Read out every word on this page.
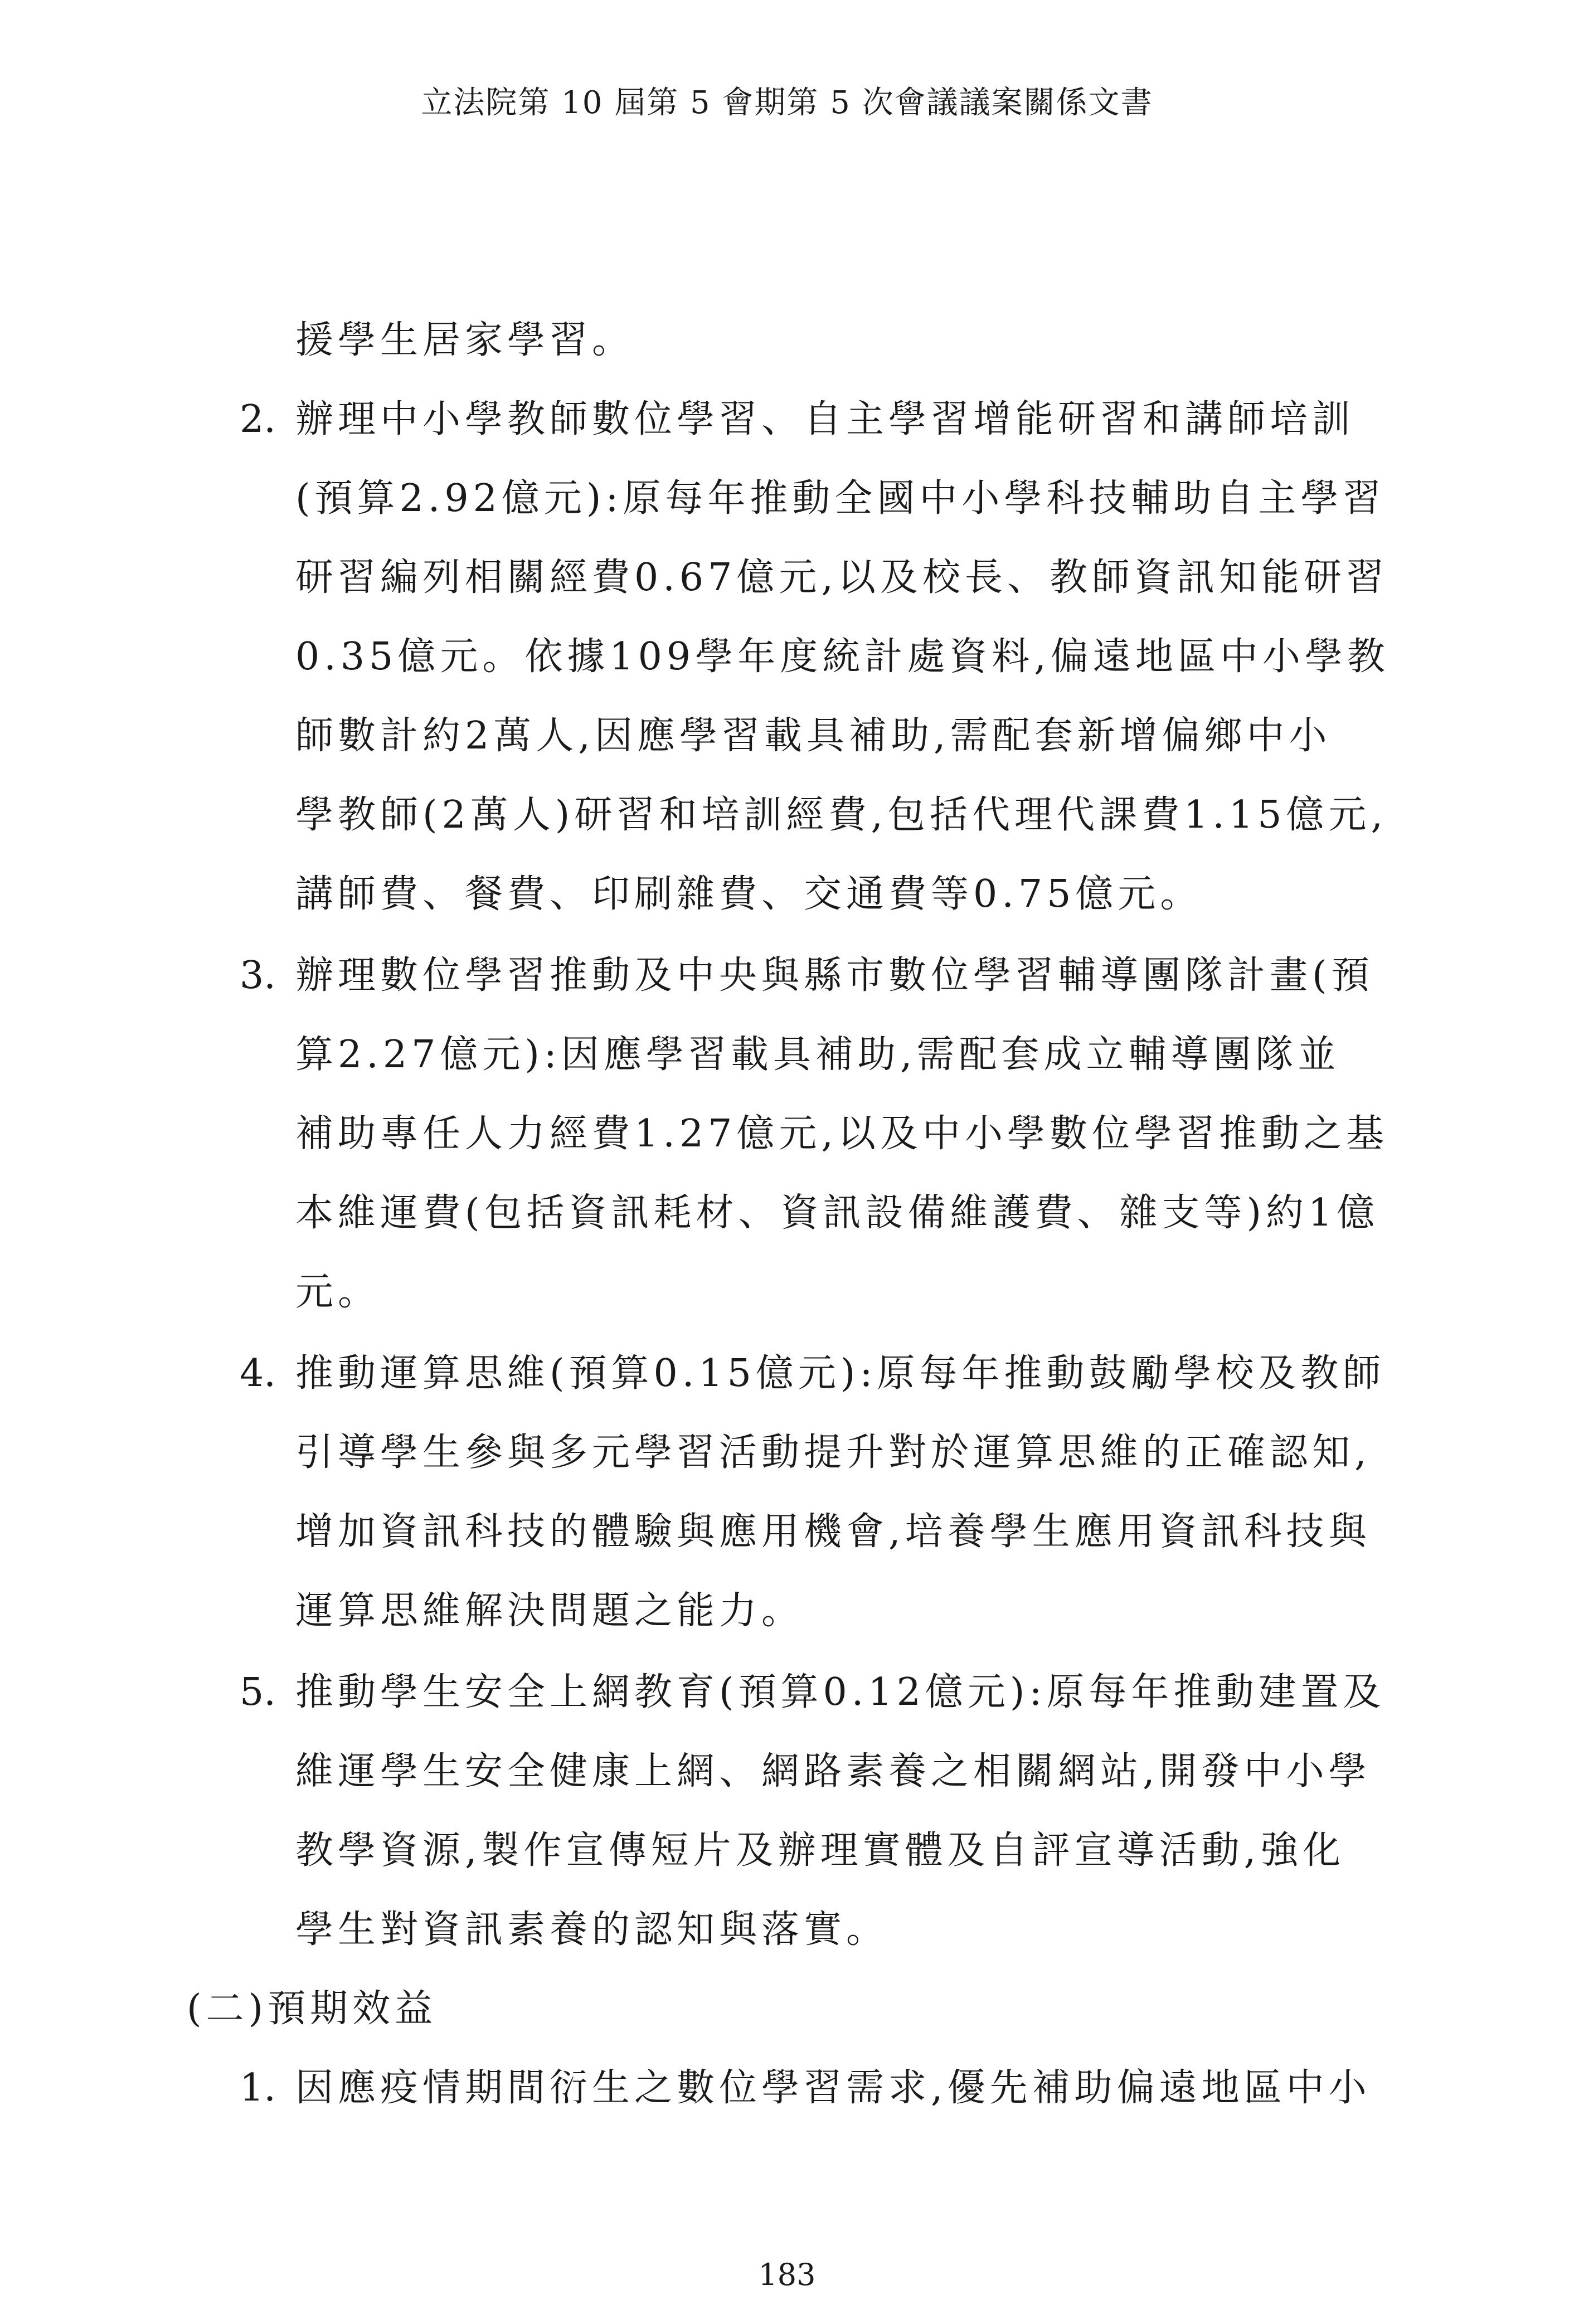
立法院第 10 屆第 5 會期第 5 次會議議案關係文書
援學生居家學習。
2. 辦理中小學教師數位學習、自主學習增能研習和講師培訓
(預算2.92億元):原每年推動全國中小學科技輔助自主學習
研習編列相關經費0.67億元,以及校長、教師資訊知能研習
0.35億元。依據109學年度統計處資料,偏遠地區中小學教
師數計約2萬人,因應學習載具補助,需配套新增偏鄉中小
學教師(2萬人)研習和培訓經費,包括代理代課費1.15億元,
講師費、餐費、印刷雜費、交通費等0.75億元。
3. 辦理數位學習推動及中央與縣市數位學習輔導團隊計畫(預
算2.27億元):因應學習載具補助,需配套成立輔導團隊並
補助專任人力經費1.27億元,以及中小學數位學習推動之基
本維運費(包括資訊耗材、資訊設備維護費、雜支等)約1億
元。
4. 推動運算思維(預算0.15億元):原每年推動鼓勵學校及教師
引導學生參與多元學習活動提升對於運算思維的正確認知,
增加資訊科技的體驗與應用機會,培養學生應用資訊科技與
運算思維解決問題之能力。
5. 推動學生安全上網教育(預算0.12億元):原每年推動建置及
維運學生安全健康上網、網路素養之相關網站,開發中小學
教學資源,製作宣傳短片及辦理實體及自評宣導活動,強化
學生對資訊素養的認知與落實。
(二)預期效益
1. 因應疫情期間衍生之數位學習需求,優先補助偏遠地區中小
183
